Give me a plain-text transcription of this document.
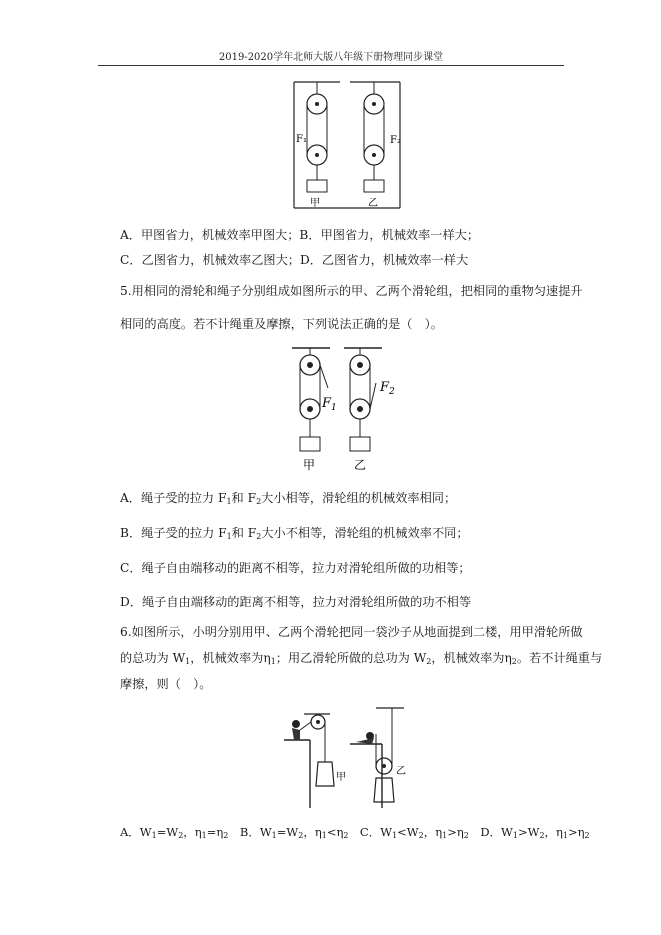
2019-2020学年北师大版八年级下册物理同步课堂
F₁
甲
F₂
乙
A．甲图省力，机械效率甲图大；B．甲图省力，机械效率一样大；
C．乙图省力，机械效率乙图大；D．乙图省力，机械效率一样大
5.用相同的滑轮和绳子分别组成如图所示的甲、乙两个滑轮组，把相同的重物匀速提升
相同的高度。若不计绳重及摩擦，下列说法正确的是（　）。
$F_1$
甲
$F_2$
乙
A．绳子受的拉力 F1和 F2大小相等，滑轮组的机械效率相同；
B．绳子受的拉力 F1和 F2大小不相等，滑轮组的机械效率不同；
C．绳子自由端移动的距离不相等，拉力对滑轮组所做的功相等；
D．绳子自由端移动的距离不相等，拉力对滑轮组所做的功不相等
6.如图所示，小明分别用甲、乙两个滑轮把同一袋沙子从地面提到二楼，用甲滑轮所做
的总功为 W1，机械效率为η1；用乙滑轮所做的总功为 W2，机械效率为η2。若不计绳重与
摩擦，则（　）。
甲
乙
A．W1=W2，η1=η2　B．W1=W2，η1<η2　C．W1<W2，η1>η2　D．W1>W2，η1>η2
